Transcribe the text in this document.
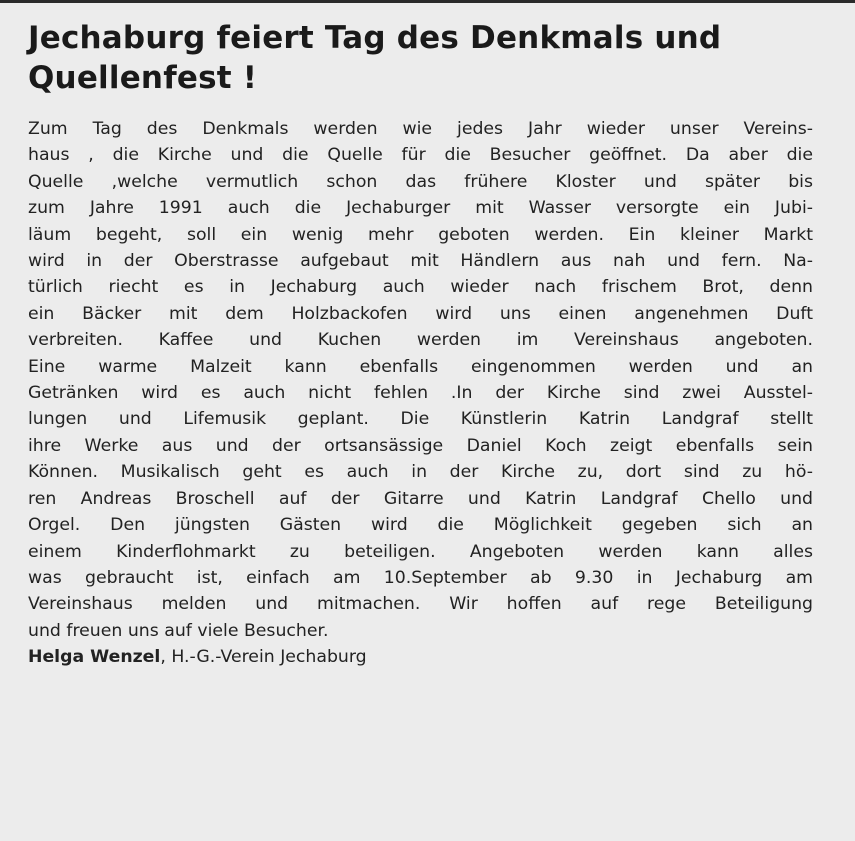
Jechaburg feiert Tag des Denkmals und
Quellenfest !
Zum Tag des Denkmals werden wie jedes Jahr wieder unser Vereins-
haus , die Kirche und die Quelle für die Besucher geöffnet. Da aber die
Quelle ,welche vermutlich schon das frühere Kloster und später bis
zum Jahre 1991 auch die Jechaburger mit Wasser versorgte ein Jubi-
läum begeht, soll ein wenig mehr geboten werden. Ein kleiner Markt
wird in der Oberstrasse aufgebaut mit Händlern aus nah und fern. Na-
türlich riecht es in Jechaburg auch wieder nach frischem Brot, denn
ein Bäcker mit dem Holzbackofen wird uns einen angenehmen Duft
verbreiten. Kaffee und Kuchen werden im Vereinshaus angeboten.
Eine warme Malzeit kann ebenfalls eingenommen werden und an
Getränken wird es auch nicht fehlen .In der Kirche sind zwei Ausstel-
lungen und Lifemusik geplant. Die Künstlerin Katrin Landgraf stellt
ihre Werke aus und der ortsansässige Daniel Koch zeigt ebenfalls sein
Können. Musikalisch geht es auch in der Kirche zu, dort sind zu hö-
ren Andreas Broschell auf der Gitarre und Katrin Landgraf Chello und
Orgel. Den jüngsten Gästen wird die Möglichkeit gegeben sich an
einem Kinderflohmarkt zu beteiligen. Angeboten werden kann alles
was gebraucht ist, einfach am 10.September ab 9.30 in Jechaburg am
Vereinshaus melden und mitmachen. Wir hoffen auf rege Beteiligung
und freuen uns auf viele Besucher.

Helga Wenzel, H.-G.-Verein Jechaburg
